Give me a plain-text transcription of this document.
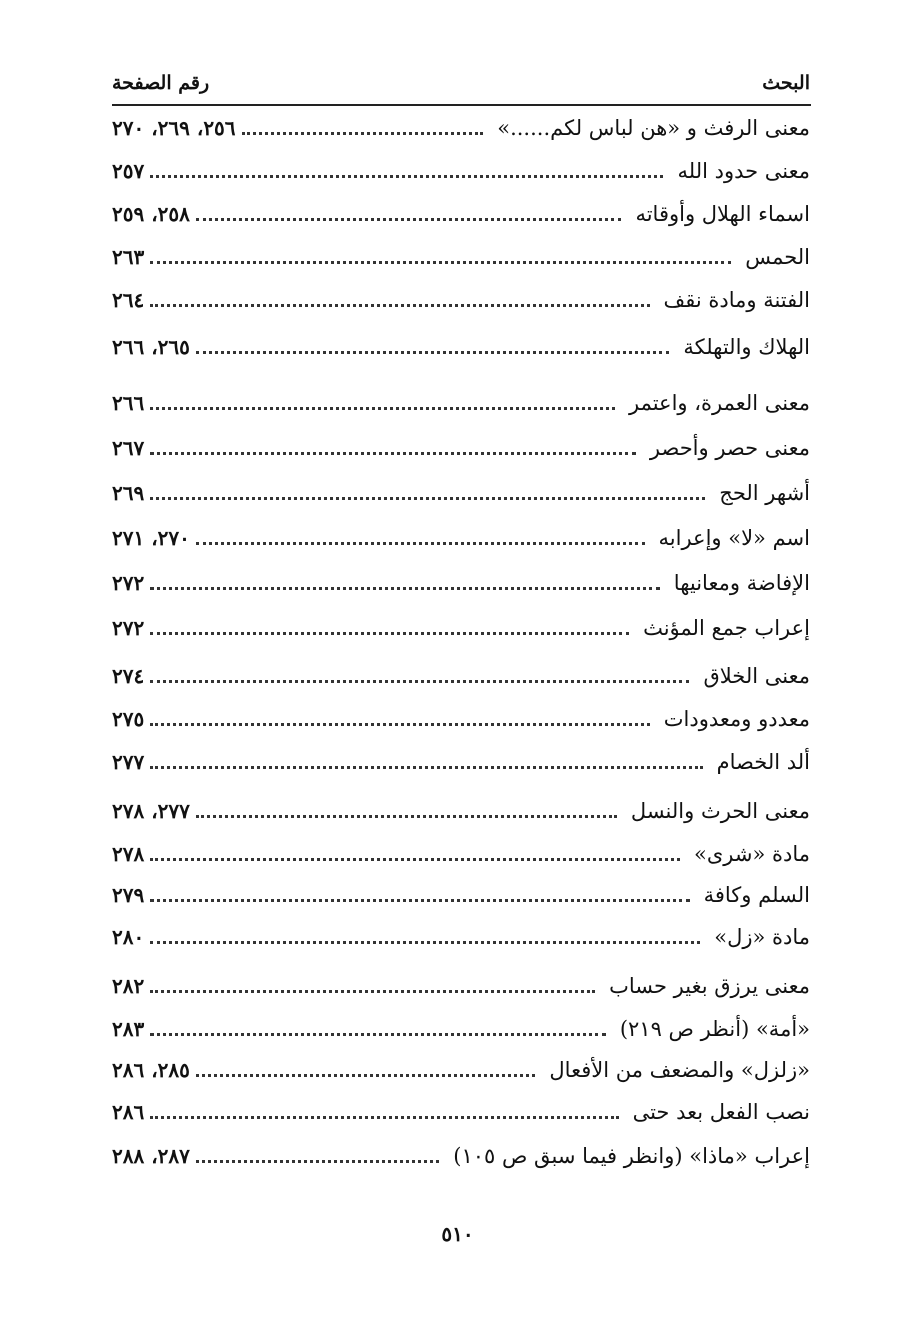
البحث
رقم الصفحة
معنى الرفث و «هن لباس لكم......»
٢٥٦، ٢٦٩، ٢٧٠
معنى حدود الله
٢٥٧
اسماء الهلال وأوقاته
٢٥٨، ٢٥٩
الحمس
٢٦٣
الفتنة ومادة نقف
٢٦٤
الهلاك والتهلكة
٢٦٥، ٢٦٦
معنى العمرة، واعتمر
٢٦٦
معنى حصر وأحصر
٢٦٧
أشهر الحج
٢٦٩
اسم «لا» وإعرابه
٢٧٠، ٢٧١
الإفاضة ومعانيها
٢٧٢
إعراب جمع المؤنث
٢٧٢
معنى الخلاق
٢٧٤
معددو ومعدودات
٢٧٥
ألد الخصام
٢٧٧
معنى الحرث والنسل
٢٧٧، ٢٧٨
مادة «شرى»
٢٧٨
السلم وكافة
٢٧٩
مادة «زل»
٢٨٠
معنى يرزق بغير حساب
٢٨٢
«أمة» (أنظر ص ٢١٩)
٢٨٣
«زلزل» والمضعف من الأفعال
٢٨٥، ٢٨٦
نصب الفعل بعد حتى
٢٨٦
إعراب «ماذا» (وانظر فيما سبق ص ١٠٥)
٢٨٧، ٢٨٨
٥١٠
